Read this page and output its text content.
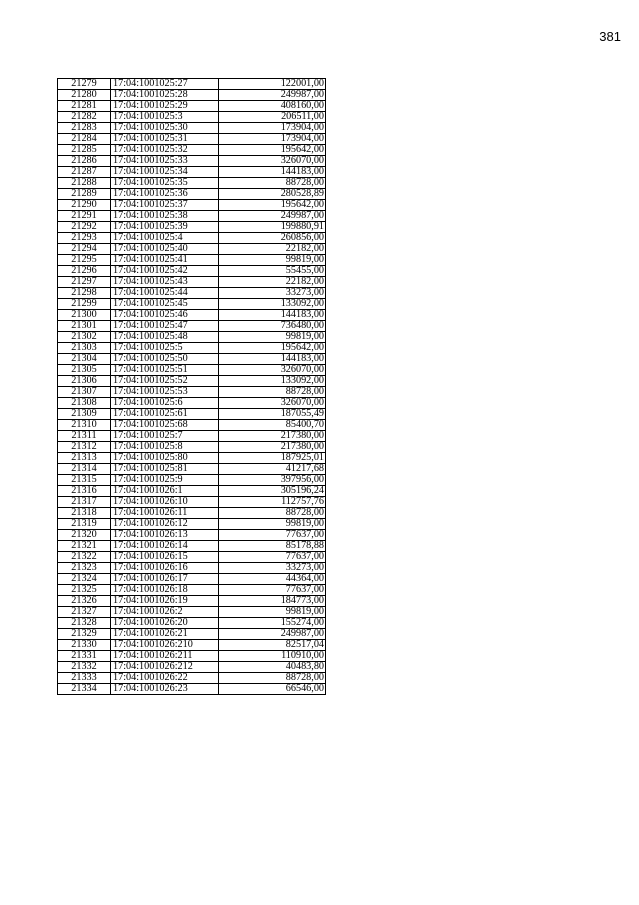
381
21279	17:04:1001025:27	122001,00
21280	17:04:1001025:28	249987,00
21281	17:04:1001025:29	408160,00
21282	17:04:1001025:3	206511,00
21283	17:04:1001025:30	173904,00
21284	17:04:1001025:31	173904,00
21285	17:04:1001025:32	195642,00
21286	17:04:1001025:33	326070,00
21287	17:04:1001025:34	144183,00
21288	17:04:1001025:35	88728,00
21289	17:04:1001025:36	280528,89
21290	17:04:1001025:37	195642,00
21291	17:04:1001025:38	249987,00
21292	17:04:1001025:39	199880,91
21293	17:04:1001025:4	260856,00
21294	17:04:1001025:40	22182,00
21295	17:04:1001025:41	99819,00
21296	17:04:1001025:42	55455,00
21297	17:04:1001025:43	22182,00
21298	17:04:1001025:44	33273,00
21299	17:04:1001025:45	133092,00
21300	17:04:1001025:46	144183,00
21301	17:04:1001025:47	736480,00
21302	17:04:1001025:48	99819,00
21303	17:04:1001025:5	195642,00
21304	17:04:1001025:50	144183,00
21305	17:04:1001025:51	326070,00
21306	17:04:1001025:52	133092,00
21307	17:04:1001025:53	88728,00
21308	17:04:1001025:6	326070,00
21309	17:04:1001025:61	187055,49
21310	17:04:1001025:68	85400,70
21311	17:04:1001025:7	217380,00
21312	17:04:1001025:8	217380,00
21313	17:04:1001025:80	187925,01
21314	17:04:1001025:81	41217,68
21315	17:04:1001025:9	397956,00
21316	17:04:1001026:1	305196,24
21317	17:04:1001026:10	112757,76
21318	17:04:1001026:11	88728,00
21319	17:04:1001026:12	99819,00
21320	17:04:1001026:13	77637,00
21321	17:04:1001026:14	85178,88
21322	17:04:1001026:15	77637,00
21323	17:04:1001026:16	33273,00
21324	17:04:1001026:17	44364,00
21325	17:04:1001026:18	77637,00
21326	17:04:1001026:19	184773,00
21327	17:04:1001026:2	99819,00
21328	17:04:1001026:20	155274,00
21329	17:04:1001026:21	249987,00
21330	17:04:1001026:210	82517,04
21331	17:04:1001026:211	110910,00
21332	17:04:1001026:212	40483,80
21333	17:04:1001026:22	88728,00
21334	17:04:1001026:23	66546,00
